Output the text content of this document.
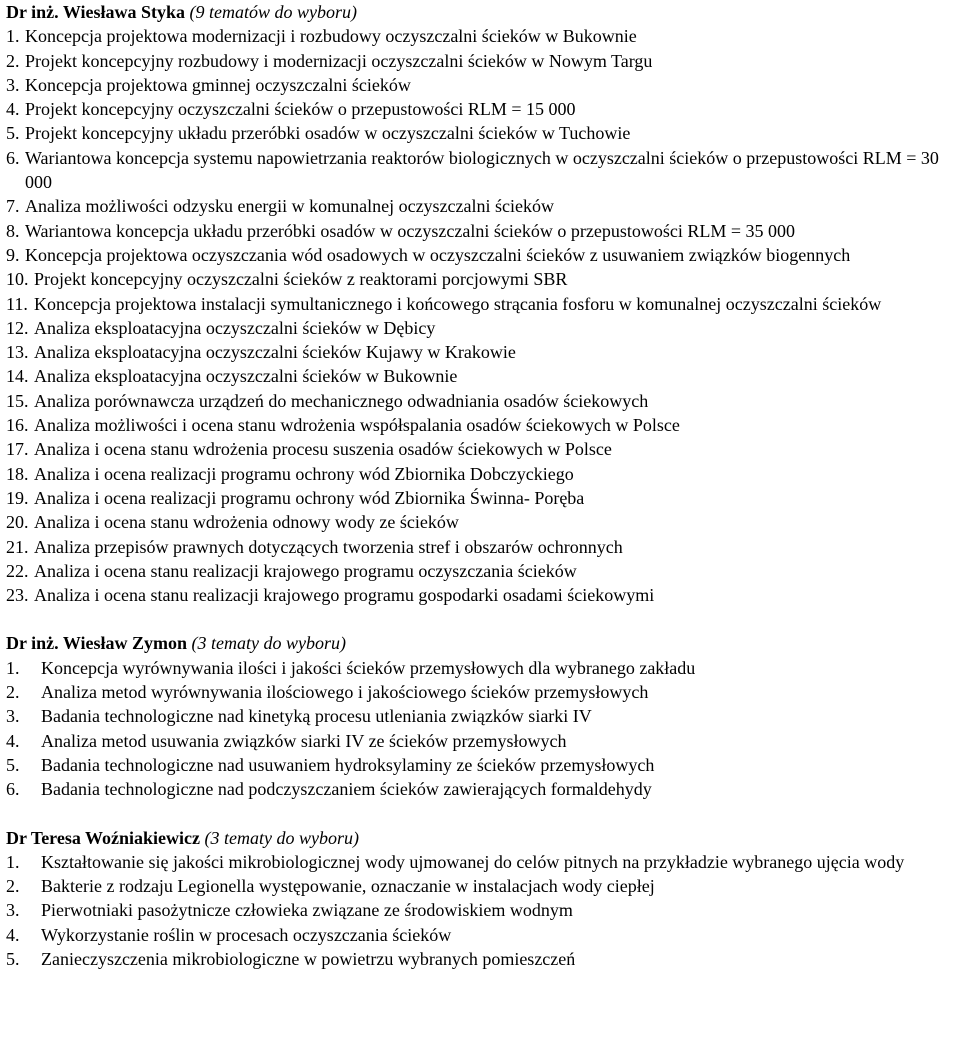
Dr inż. Wiesława Styka (9 tematów do wyboru)

1. Koncepcja projektowa modernizacji i rozbudowy oczyszczalni ścieków w Bukownie
2. Projekt koncepcyjny rozbudowy i modernizacji oczyszczalni ścieków w Nowym Targu
3. Koncepcja projektowa gminnej oczyszczalni ścieków
4. Projekt koncepcyjny oczyszczalni ścieków o przepustowości RLM = 15 000
5. Projekt koncepcyjny układu przeróbki osadów w oczyszczalni ścieków w Tuchowie
6. Wariantowa koncepcja systemu napowietrzania reaktorów biologicznych w oczyszczalni ścieków o przepustowości RLM = 30 000
7. Analiza możliwości odzysku energii w komunalnej oczyszczalni ścieków
8. Wariantowa koncepcja układu przeróbki osadów w oczyszczalni ścieków o przepustowości RLM = 35 000
9. Koncepcja projektowa oczyszczania wód osadowych w oczyszczalni ścieków z usuwaniem związków biogennych
10. Projekt koncepcyjny oczyszczalni ścieków z reaktorami porcjowymi SBR
11. Koncepcja projektowa instalacji symultanicznego i końcowego strącania fosforu w komunalnej oczyszczalni ścieków
12. Analiza eksploatacyjna oczyszczalni ścieków w Dębicy
13. Analiza eksploatacyjna oczyszczalni ścieków Kujawy w Krakowie
14. Analiza eksploatacyjna oczyszczalni ścieków w Bukownie
15. Analiza porównawcza urządzeń do mechanicznego odwadniania osadów ściekowych
16. Analiza możliwości i ocena stanu wdrożenia współspalania osadów ściekowych w Polsce
17. Analiza i ocena stanu wdrożenia procesu suszenia osadów ściekowych w Polsce
18. Analiza i ocena realizacji programu ochrony wód Zbiornika Dobczyckiego
19. Analiza i ocena realizacji programu ochrony wód Zbiornika Świnna- Poręba
20. Analiza i ocena stanu wdrożenia odnowy wody ze ścieków
21. Analiza przepisów prawnych dotyczących tworzenia stref i obszarów ochronnych
22. Analiza i ocena stanu realizacji krajowego programu oczyszczania ścieków
23. Analiza i ocena stanu realizacji krajowego programu gospodarki osadami ściekowymi

Dr inż. Wiesław Zymon (3 tematy do wyboru)

1. Koncepcja wyrównywania ilości i jakości ścieków przemysłowych dla wybranego zakładu
2. Analiza metod wyrównywania ilościowego i jakościowego ścieków przemysłowych
3. Badania technologiczne nad kinetyką procesu utleniania związków siarki IV
4. Analiza metod usuwania związków siarki IV ze ścieków przemysłowych
5. Badania technologiczne nad usuwaniem hydroksylaminy ze ścieków przemysłowych
6. Badania technologiczne nad podczyszczaniem ścieków zawierających formaldehydy

Dr Teresa Woźniakiewicz (3 tematy do wyboru)

1. Kształtowanie się jakości mikrobiologicznej wody ujmowanej do celów pitnych na przykładzie wybranego ujęcia wody
2. Bakterie z rodzaju Legionella występowanie, oznaczanie w instalacjach wody ciepłej
3. Pierwotniaki pasożytnicze człowieka związane ze środowiskiem wodnym
4. Wykorzystanie roślin w procesach oczyszczania ścieków
5. Zanieczyszczenia mikrobiologiczne w powietrzu wybranych pomieszczeń
